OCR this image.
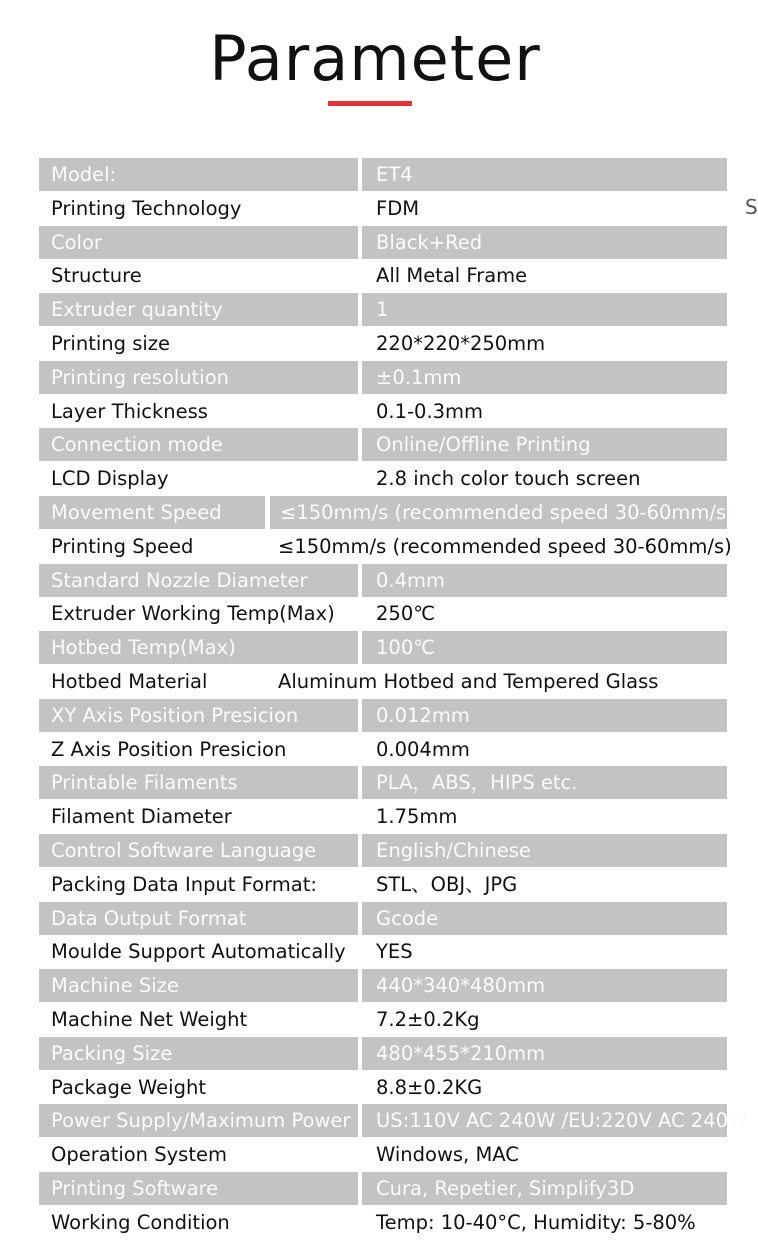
Parameter
S
Model:	ET4
Printing Technology	FDM
Color	Black+Red
Structure	All Metal Frame
Extruder quantity	1
Printing size	220*220*250mm
Printing resolution	±0.1mm
Layer Thickness	0.1-0.3mm
Connection mode	Online/Offline Printing
LCD Display	2.8 inch color touch screen
Movement Speed	≤150mm/s (recommended speed 30-60mm/s)
Printing Speed	≤150mm/s (recommended speed 30-60mm/s)
Standard Nozzle Diameter	0.4mm
Extruder Working Temp(Max)	250℃
Hotbed Temp(Max)	100℃
Hotbed Material	Aluminum Hotbed and Tempered Glass
XY Axis Position Presicion	0.012mm
Z Axis Position Presicion	0.004mm
Printable Filaments	PLA，ABS，HIPS etc.
Filament Diameter	1.75mm
Control Software Language	English/Chinese
Packing Data Input Format:	STL、OBJ、JPG
Data Output Format	Gcode
Moulde Support Automatically	YES
Machine Size	440*340*480mm
Machine Net Weight	7.2±0.2Kg
Packing Size	480*455*210mm
Package Weight	8.8±0.2KG
Power Supply/Maximum Power	US:110V AC 240W /EU:220V AC 240W
Operation System	Windows, MAC
Printing Software	Cura, Repetier, Simplify3D
Working Condition	Temp: 10-40°C, Humidity: 5-80%
